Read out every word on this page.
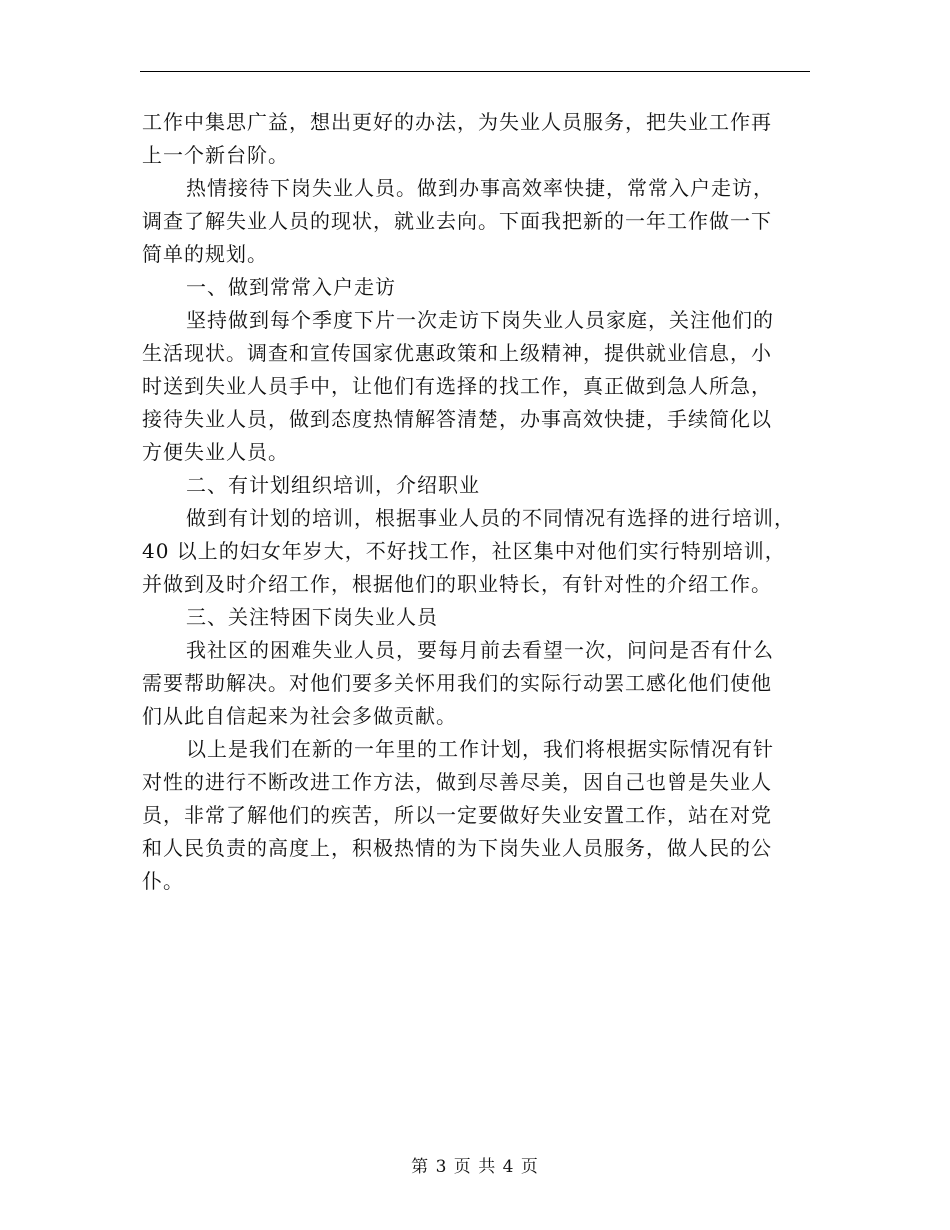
工作中集思广益，想出更好的办法，为失业人员服务，把失业工作再
上一个新台阶。
热情接待下岗失业人员。做到办事高效率快捷，常常入户走访，
调查了解失业人员的现状，就业去向。下面我把新的一年工作做一下
简单的规划。
一、做到常常入户走访
坚持做到每个季度下片一次走访下岗失业人员家庭，关注他们的
生活现状。调查和宣传国家优惠政策和上级精神，提供就业信息，小
时送到失业人员手中，让他们有选择的找工作，真正做到急人所急，
接待失业人员，做到态度热情解答清楚，办事高效快捷，手续简化以
方便失业人员。
二、有计划组织培训，介绍职业
做到有计划的培训，根据事业人员的不同情况有选择的进行培训，
40 以上的妇女年岁大，不好找工作，社区集中对他们实行特别培训，
并做到及时介绍工作，根据他们的职业特长，有针对性的介绍工作。
三、关注特困下岗失业人员
我社区的困难失业人员，要每月前去看望一次，问问是否有什么
需要帮助解决。对他们要多关怀用我们的实际行动罢工感化他们使他
们从此自信起来为社会多做贡献。
以上是我们在新的一年里的工作计划，我们将根据实际情况有针
对性的进行不断改进工作方法，做到尽善尽美，因自己也曾是失业人
员，非常了解他们的疾苦，所以一定要做好失业安置工作，站在对党
和人民负责的高度上，积极热情的为下岗失业人员服务，做人民的公
仆。
第 3 页 共 4 页
